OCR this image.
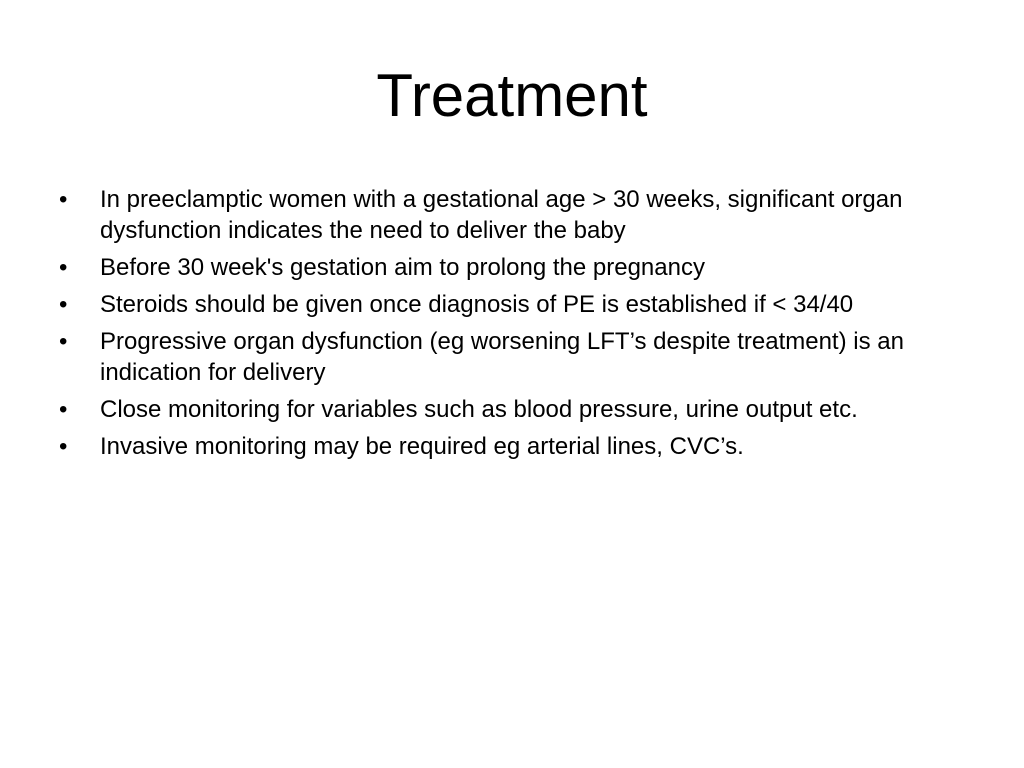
Treatment
•	In preeclamptic women with a gestational age > 30 weeks, significant organ dysfunction indicates the need to deliver the baby
•	Before 30 week's gestation aim to prolong the pregnancy
•	Steroids should be given once diagnosis of PE is established if < 34/40
•	Progressive organ dysfunction (eg worsening LFT’s despite treatment) is an indication for delivery
•	Close monitoring for variables such as blood pressure, urine output etc.
•	Invasive monitoring may be required eg arterial lines, CVC’s.
